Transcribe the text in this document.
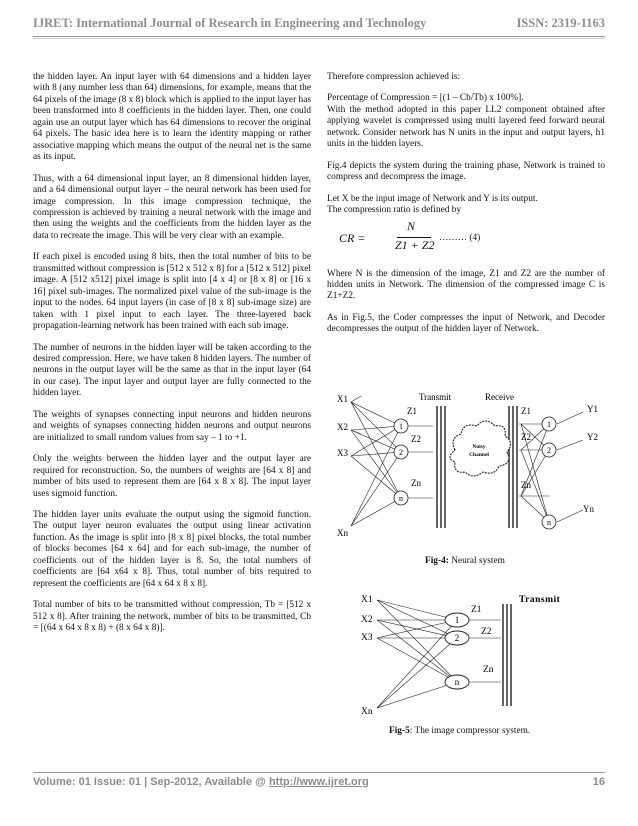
IJRET: International Journal of Research in Engineering and Technology	ISSN: 2319-1163

the hidden layer. An input layer with 64 dimensions and a hidden layer with 8 (any number less than 64) dimensions, for example, means that the 64 pixels of the image (8 x 8) block which is applied to the input layer has been transformed into 8 coefficients in the hidden layer. Then, one could again use an output layer which has 64 dimensions to recover the original 64 pixels. The basic idea here is to learn the identity mapping or rather associative mapping which means the output of the neural net is the same as its input.

Thus, with a 64 dimensional input layer, an 8 dimensional hidden layer, and a 64 dimensional output layer – the neural network has been used for image compression. In this image compression technique, the compression is achieved by training a neural network with the image and then using the weights and the coefficients from the hidden layer as the data to recreate the image. This will be very clear with an example.

If each pixel is encoded using 8 bits, then the total number of bits to be transmitted without compression is [512 x 512 x 8] for a [512 x 512] pixel image. A [512 x512] pixel image is split into [4 x 4] or [8 x 8] or [16 x 16] pixel sub-images. The normalized pixel value of the sub-image is the input to the nodes. 64 input layers (in case of [8 x 8] sub-image size) are taken with 1 pixel input to each layer. The three-layered back propagation-learning network has been trained with each sub image.

The number of neurons in the hidden layer will be taken according to the desired compression. Here, we have taken 8 hidden layers. The number of neurons in the output layer will be the same as that in the input layer (64 in our case). The input layer and output layer are fully connected to the hidden layer.

The weights of synapses connecting input neurons and hidden neurons and weights of synapses connecting hidden neurons and output neurons are initialized to small random values from say – 1 to +1.

Only the weights between the hidden layer and the output layer are required for reconstruction. So, the numbers of weights are [64 x 8] and number of bits used to represent them are [64 x 8 x 8]. The input layer uses sigmoid function.

The hidden layer units evaluate the output using the sigmoid function. The output layer neuron evaluates the output using linear activation function. As the image is split into [8 x 8] pixel blocks, the total number of blocks becomes [64 x 64] and for each sub-image, the number of coefficients out of the hidden layer is 8. So, the total numbers of coefficients are [64 x64 x 8]. Thus, total number of bits required to represent the coefficients are [64 x 64 x 8 x 8].

Total number of bits to be transmitted without compression, Tb = [512 x 512 x 8]. After training the network, number of bits to be transmitted, Cb = [(64 x 64 x 8 x 8) + (8 x 64 x 8)].

Therefore compression achieved is:

Percentage of Compression = [(1 – Cb/Tb) x 100%].
With the method adopted in this paper LL2 component obtained after applying wavelet is compressed using multi layered feed forward neural network. Consider network has N units in the input and output layers, h1 units in the hidden layers.

Fig.4 depicts the system during the training phase, Network is trained to compress and decompress the image.

Let X be the input image of Network and Y is its output.
The compression ratio is defined by

CR =
N
Z1 + Z2 ……… (4)

Where N is the dimension of the image, Z1 and Z2 are the number of hidden units in Network. The dimension of the compressed image C is Z1+Z2.

As in Fig.5, the Coder compresses the input of Network, and Decoder decompresses the output of the hidden layer of Network.

Noisy
Channel
1
2
n
1
2
n
Transmit	Receive
X1
X2
X3
Xn
Z1
Z2
Zn
Z1
Z2
Zn
Y1
Y2
Yn
Fig-4: Neural system
1
2
n
Transmit
X1
X2
X3
Xn
Z1
Z2
Zn
Fig-5: The image compressor system.
Volume: 01 Issue: 01 | Sep-2012, Available @ http://www.ijret.org	16
